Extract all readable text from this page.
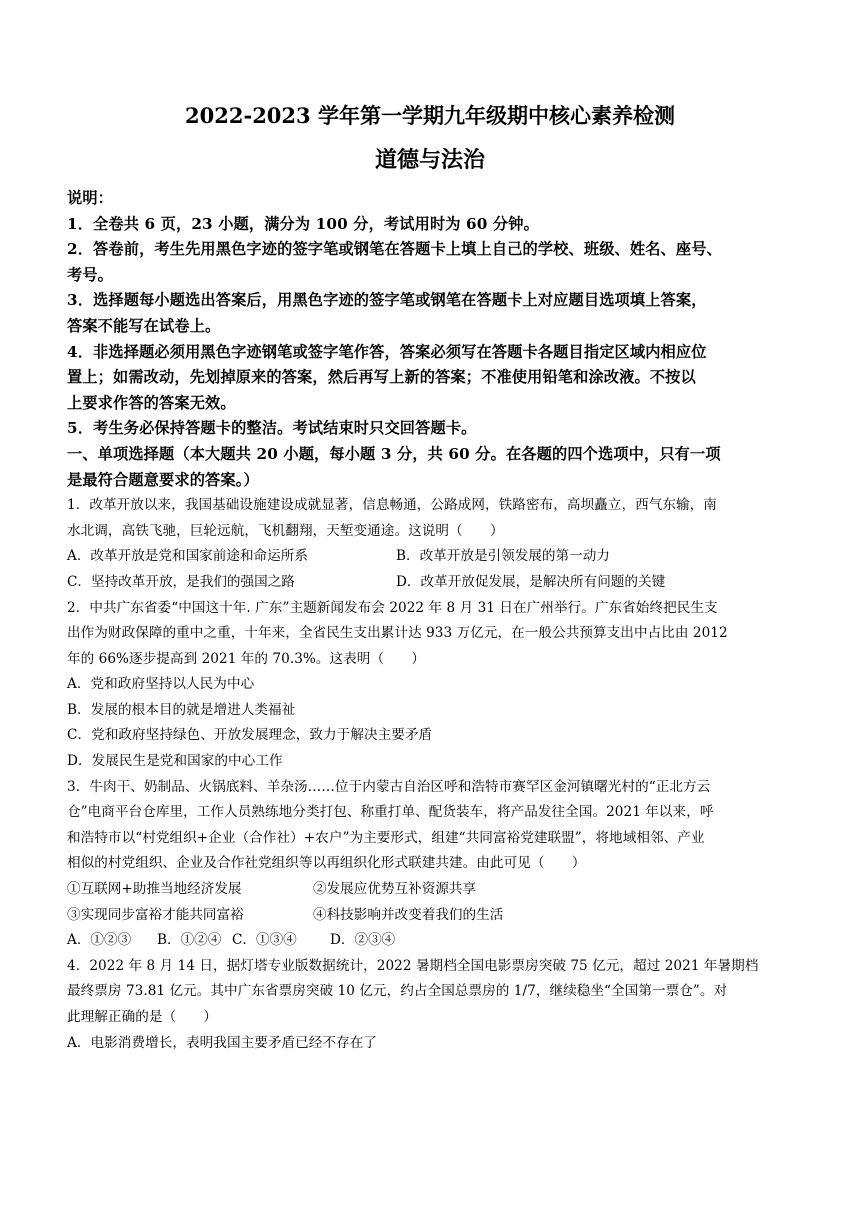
2022-2023 学年第一学期九年级期中核心素养检测
道德与法治
说明：
1．全卷共 6 页，23 小题，满分为 100 分，考试用时为 60 分钟。
2．答卷前，考生先用黑色字迹的签字笔或钢笔在答题卡上填上自己的学校、班级、姓名、座号、
考号。
3．选择题每小题选出答案后，用黑色字迹的签字笔或钢笔在答题卡上对应题目选项填上答案，
答案不能写在试卷上。
4．非选择题必须用黑色字迹钢笔或签字笔作答，答案必须写在答题卡各题目指定区域内相应位
置上；如需改动，先划掉原来的答案，然后再写上新的答案；不准使用铅笔和涂改液。不按以
上要求作答的答案无效。
5．考生务必保持答题卡的整洁。考试结束时只交回答题卡。
一、单项选择题（本大题共 20 小题，每小题 3 分，共 60 分。在各题的四个选项中，只有一项
是最符合题意要求的答案。）
1．改革开放以来，我国基础设施建设成就显著，信息畅通，公路成网，铁路密布，高坝矗立，西气东输，南
水北调，高铁飞驰，巨轮远航，飞机翻翔，天堑变通途。这说明（　　）
A．改革开放是党和国家前途和命运所系	B．改革开放是引领发展的第一动力
C．坚持改革开放，是我们的强国之路	D．改革开放促发展，是解决所有问题的关键
2．中共广东省委“中国这十年. 广东”主题新闻发布会 2022 年 8 月 31 日在广州举行。广东省始终把民生支
出作为财政保障的重中之重，十年来，全省民生支出累计达 933 万亿元，在一般公共预算支出中占比由 2012
年的 66%逐步提高到 2021 年的 70.3%。这表明（　　）
A．党和政府坚持以人民为中心
B．发展的根本目的就是增进人类福祉
C．党和政府坚持绿色、开放发展理念，致力于解决主要矛盾
D．发展民生是党和国家的中心工作
3．牛肉干、奶制品、火锅底料、羊杂汤……位于内蒙古自治区呼和浩特市赛罕区金河镇曙光村的“正北方云
仓”电商平台仓库里，工作人员熟练地分类打包、称重打单、配货装车，将产品发往全国。2021 年以来，呼
和浩特市以“村党组织+企业（合作社）+农户”为主要形式，组建“共同富裕党建联盟”，将地域相邻、产业
相似的村党组织、企业及合作社党组织等以再组织化形式联建共建。由此可见（　　）
①互联网+助推当地经济发展	②发展应优势互补资源共享
③实现同步富裕才能共同富裕	④科技影响并改变着我们的生活
A．①②③ B．①②④ C．①③④ D．②③④
4．2022 年 8 月 14 日，据灯塔专业版数据统计，2022 暑期档全国电影票房突破 75 亿元，超过 2021 年暑期档
最终票房 73.81 亿元。其中广东省票房突破 10 亿元，约占全国总票房的 1/7，继续稳坐“全国第一票仓”。对
此理解正确的是（　　）
A．电影消费增长，表明我国主要矛盾已经不存在了
